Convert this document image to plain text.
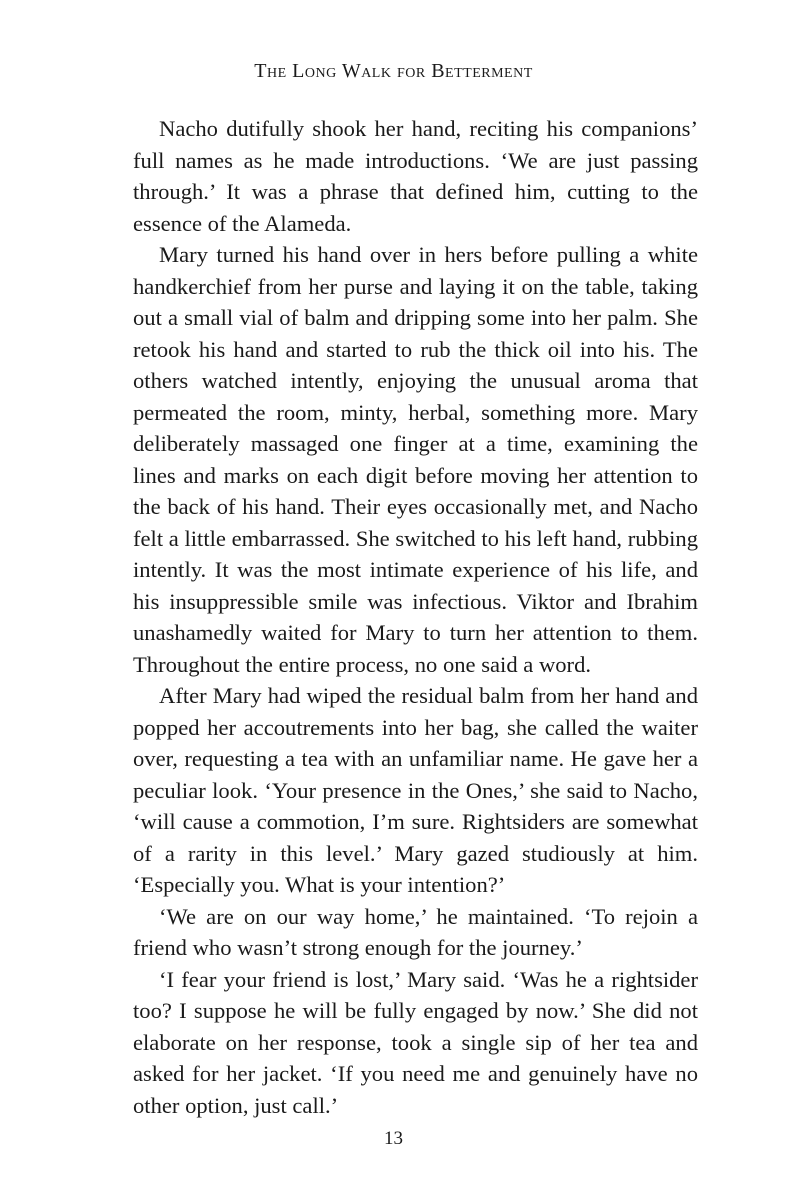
The Long Walk for Betterment

Nacho dutifully shook her hand, reciting his companions’ full names as he made introductions. ‘We are just passing through.’ It was a phrase that defined him, cutting to the essence of the Alameda.

Mary turned his hand over in hers before pulling a white handkerchief from her purse and laying it on the table, taking out a small vial of balm and dripping some into her palm. She retook his hand and started to rub the thick oil into his. The others watched intently, enjoying the unusual aroma that permeated the room, minty, herbal, something more. Mary deliberately massaged one finger at a time, examining the lines and marks on each digit before moving her attention to the back of his hand. Their eyes occasionally met, and Nacho felt a little embarrassed. She switched to his left hand, rubbing intently. It was the most intimate experience of his life, and his insuppressible smile was infectious. Viktor and Ibrahim unashamedly waited for Mary to turn her attention to them. Throughout the entire process, no one said a word.

After Mary had wiped the residual balm from her hand and popped her accoutrements into her bag, she called the waiter over, requesting a tea with an unfamiliar name. He gave her a peculiar look. ‘Your presence in the Ones,’ she said to Nacho, ‘will cause a commotion, I’m sure. Rightsiders are somewhat of a rarity in this level.’ Mary gazed studiously at him. ‘Especially you. What is your intention?’

‘We are on our way home,’ he maintained. ‘To rejoin a friend who wasn’t strong enough for the journey.’

‘I fear your friend is lost,’ Mary said. ‘Was he a rightsider too? I suppose he will be fully engaged by now.’ She did not elaborate on her response, took a single sip of her tea and asked for her jacket. ‘If you need me and genuinely have no other option, just call.’

13
